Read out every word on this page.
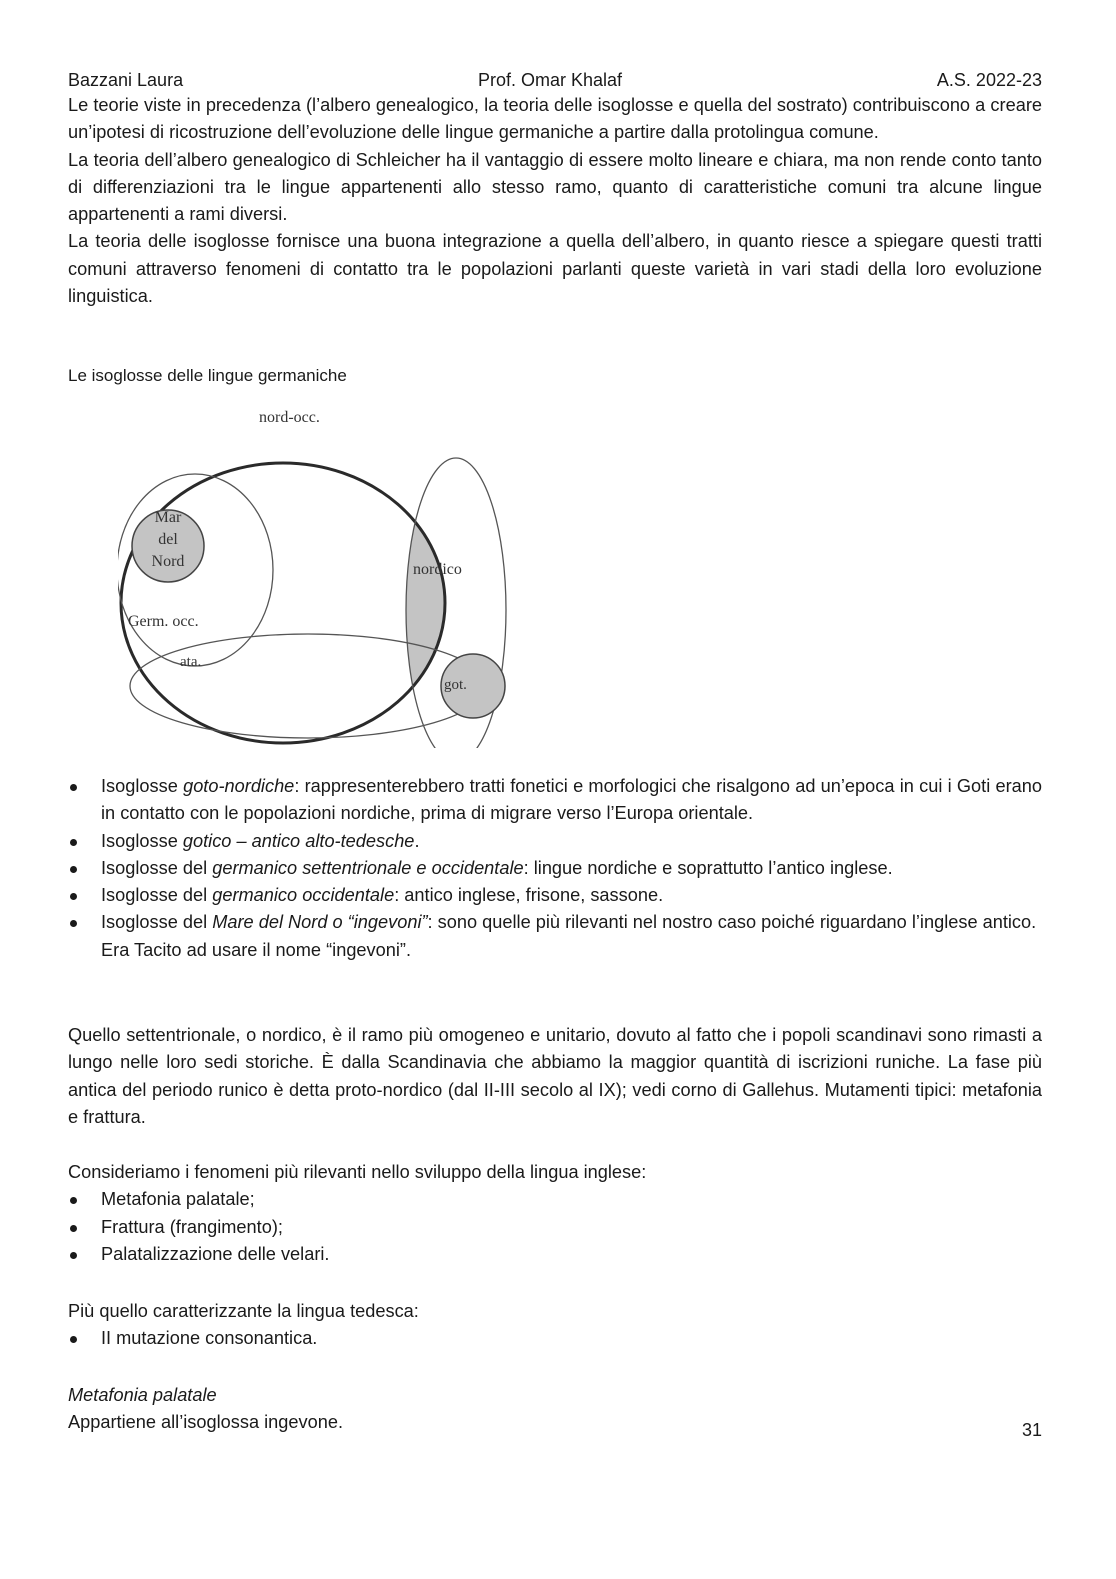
Bazzani Laura	Prof. Omar Khalaf	A.S. 2022-23

Le teorie viste in precedenza (l’albero genealogico, la teoria delle isoglosse e quella del sostrato) contribuiscono a creare un’ipotesi di ricostruzione dell’evoluzione delle lingue germaniche a partire dalla protolingua comune.

La teoria dell’albero genealogico di Schleicher ha il vantaggio di essere molto lineare e chiara, ma non rende conto tanto di differenziazioni tra le lingue appartenenti allo stesso ramo, quanto di caratteristiche comuni tra alcune lingue appartenenti a rami diversi.

La teoria delle isoglosse fornisce una buona integrazione a quella dell’albero, in quanto riesce a spiegare questi tratti comuni attraverso fenomeni di contatto tra le popolazioni parlanti queste varietà in vari stadi della loro evoluzione linguistica.

Le isoglosse delle lingue germaniche
nord-occ.
Mar
del
Nord
Germ. occ.
ata.
nordico
got.
Isoglosse goto-nordiche: rappresenterebbero tratti fonetici e morfologici che risalgono ad un’epoca in cui i Goti erano in contatto con le popolazioni nordiche, prima di migrare verso l’Europa orientale.
Isoglosse gotico – antico alto-tedesche.
Isoglosse del germanico settentrionale e occidentale: lingue nordiche e soprattutto l’antico inglese.
Isoglosse del germanico occidentale: antico inglese, frisone, sassone.
Isoglosse del Mare del Nord o “ingevoni”: sono quelle più rilevanti nel nostro caso poiché riguardano l’inglese antico.
Era Tacito ad usare il nome “ingevoni”.

Quello settentrionale, o nordico, è il ramo più omogeneo e unitario, dovuto al fatto che i popoli scandinavi sono rimasti a lungo nelle loro sedi storiche. È dalla Scandinavia che abbiamo la maggior quantità di iscrizioni runiche. La fase più antica del periodo runico è detta proto-nordico (dal II-III secolo al IX); vedi corno di Gallehus. Mutamenti tipici: metafonia e frattura.

Consideriamo i fenomeni più rilevanti nello sviluppo della lingua inglese:

Metafonia palatale;
Frattura (frangimento);
Palatalizzazione delle velari.

Più quello caratterizzante la lingua tedesca:

II mutazione consonantica.

Metafonia palatale

Appartiene all’isoglossa ingevone.	31
